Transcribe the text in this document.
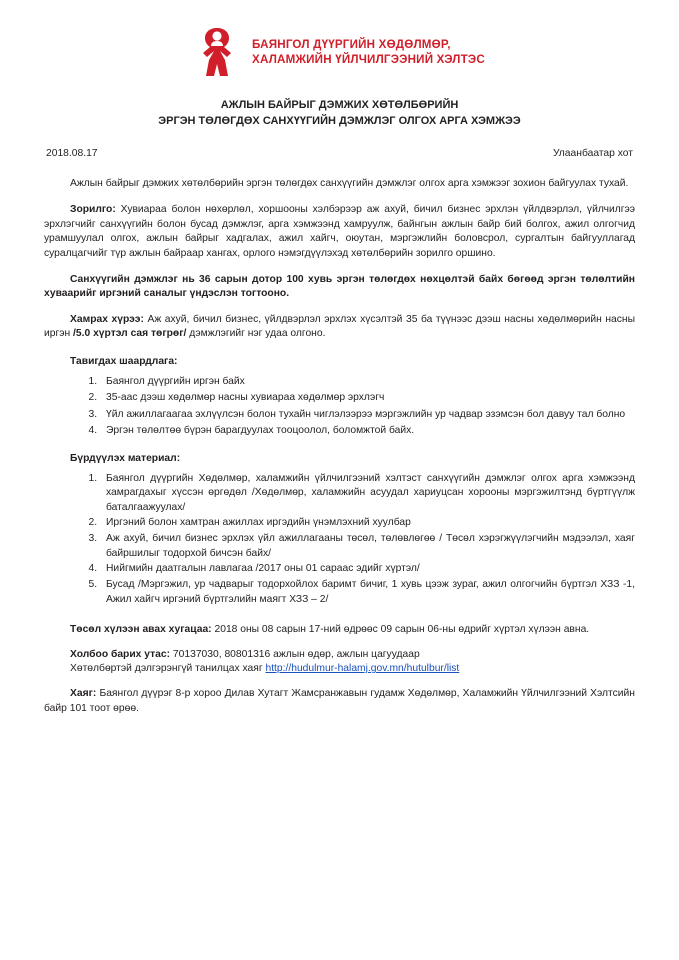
БАЯНГОЛ ДҮҮРГИЙН ХӨДӨЛМӨР,
ХАЛАМЖИЙН ҮЙЛЧИЛГЭЭНИЙ ХЭЛТЭС
АЖЛЫН БАЙРЫГ ДЭМЖИХ ХӨТӨЛБӨРИЙН
ЭРГЭН ТӨЛӨГДӨХ САНХҮҮГИЙН ДЭМЖЛЭГ ОЛГОХ АРГА ХЭМЖЭЭ
2018.08.17	Улаанбаатар хот

Ажлын байрыг дэмжих хөтөлбөрийн эргэн төлөгдөх санхүүгийн дэмжлэг олгох арга хэмжээг зохион байгуулах тухай.

Зорилго: Хувиараа болон нөхөрлөл, хоршооны хэлбэрээр аж ахуй, бичил бизнес эрхлэн үйлдвэрлэл, үйлчилгээ эрхлэгчийг санхүүгийн болон бусад дэмжлэг, арга хэмжээнд хамруулж, байнгын ажлын байр бий болгох, ажил олгогчид урамшуулал олгох, ажлын байрыг хадгалах, ажил хайгч, оюутан, мэргэжлийн боловсрол, сургалтын байгууллагад суралцагчийг түр ажлын байраар хангах, орлого нэмэгдүүлэхэд хөтөлбөрийн зорилго оршино.

Санхүүгийн дэмжлэг нь 36 сарын дотор 100 хувь эргэн төлөгдөх нөхцөлтэй байх бөгөөд эргэн төлөлтийн хуваарийг иргэний саналыг үндэслэн тогтооно.

Хамрах хүрээ: Аж ахуй, бичил бизнес, үйлдвэрлэл эрхлэх хүсэлтэй 35 ба түүнээс дээш насны хөдөлмөрийн насны иргэн /5.0 хүртэл сая төгрөг/ дэмжлэгийг нэг удаа олгоно.

Тавигдах шаардлага:
1. Баянгол дүүргийн иргэн байх
2. 35-аас дээш хөдөлмөр насны хувиараа хөдөлмөр эрхлэгч
3. Үйл ажиллагаагаа эхлүүлсэн болон тухайн чиглэлээрээ мэргэжлийн ур чадвар эзэмсэн бол давуу тал болно
4. Эргэн төлөлтөө бүрэн барагдуулах тооцоолол, боломжтой байх.
Бүрдүүлэх материал:
1. Баянгол дүүргийн Хөдөлмөр, халамжийн үйлчилгээний хэлтэст санхүүгийн дэмжлэг олгох арга хэмжээнд хамрагдахыг хүссэн өргөдөл /Хөдөлмөр, халамжийн асуудал хариуцсан хорооны мэргэжилтэнд бүртгүүлж баталгаажуулах/
2. Иргэний болон хамтран ажиллах иргэдийн үнэмлэхний хуулбар
3. Аж ахуй, бичил бизнес эрхлэх үйл ажиллагааны төсөл, төлөвлөгөө / Төсөл хэрэгжүүлэгчийн мэдээлэл, хаяг байршилыг тодорхой бичсэн байх/
4. Нийгмийн даатгалын лавлагаа /2017 оны 01 сараас эдийг хүртэл/
5. Бусад /Мэргэжил, ур чадварыг тодорхойлох баримт бичиг, 1 хувь цээж зураг, ажил олгогчийн бүртгэл ХЗЗ -1, Ажил хайгч иргэний бүртгэлийн маягт ХЗЗ – 2/

Төсөл хүлээн авах хугацаа: 2018 оны 08 сарын 17-ний өдрөөс 09 сарын 06-ны өдрийг хүртэл хүлээн авна.

Холбоо барих утас: 70137030, 80801316 ажлын өдөр, ажлын цагуудаар

Хөтөлбөртэй дэлгэрэнгүй танилцах хаяг http://hudulmur-halamj.gov.mn/hutulbur/list

Хаяг: Баянгол дүүрэг 8-р хороо Дилав Хутагт Жамсранжавын гудамж Хөдөлмөр, Халамжийн Үйлчилгээний Хэлтсийн байр 101 тоот өрөө.
